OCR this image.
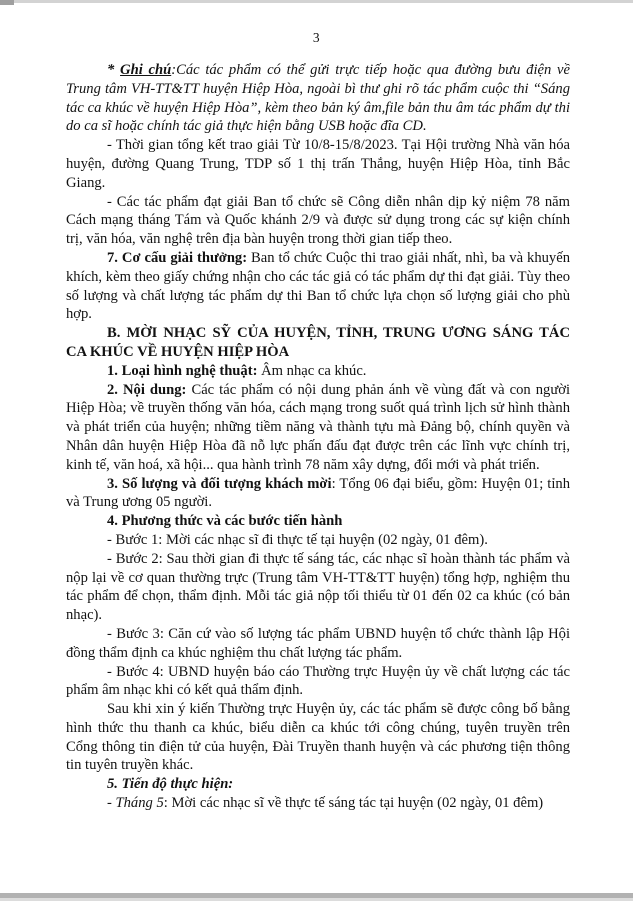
3

* Ghi chú:Các tác phẩm có thể gửi trực tiếp hoặc qua đường bưu điện về Trung tâm VH-TT&TT huyện Hiệp Hòa, ngoài bì thư ghi rõ tác phẩm cuộc thi “Sáng tác ca khúc về huyện Hiệp Hòa”, kèm theo bản ký âm,file bản thu âm tác phẩm dự thi do ca sĩ hoặc chính tác giả thực hiện bằng USB hoặc đĩa CD.

- Thời gian tổng kết trao giải Từ 10/8-15/8/2023. Tại Hội trường Nhà văn hóa huyện, đường Quang Trung, TDP số 1 thị trấn Thắng, huyện Hiệp Hòa, tỉnh Bắc Giang.

- Các tác phẩm đạt giải Ban tổ chức sẽ Công diễn nhân dịp kỷ niệm 78 năm Cách mạng tháng Tám và Quốc khánh 2/9 và được sử dụng trong các sự kiện chính trị, văn hóa, văn nghệ trên địa bàn huyện trong thời gian tiếp theo.

7. Cơ cấu giải thưởng: Ban tổ chức Cuộc thi trao giải nhất, nhì, ba và khuyến khích, kèm theo giấy chứng nhận cho các tác giả có tác phẩm dự thi đạt giải. Tùy theo số lượng và chất lượng tác phẩm dự thi Ban tổ chức lựa chọn số lượng giải cho phù hợp.

B. MỜI NHẠC SỸ CỦA HUYỆN, TỈNH, TRUNG ƯƠNG SÁNG TÁC CA KHÚC VỀ HUYỆN HIỆP HÒA

1. Loại hình nghệ thuật: Âm nhạc ca khúc.

2. Nội dung: Các tác phẩm có nội dung phản ánh về vùng đất và con người Hiệp Hòa; về truyền thống văn hóa, cách mạng trong suốt quá trình lịch sử hình thành và phát triển của huyện; những tiềm năng và thành tựu mà Đảng bộ, chính quyền và Nhân dân huyện Hiệp Hòa đã nỗ lực phấn đấu đạt được trên các lĩnh vực chính trị, kinh tế, văn hoá, xã hội... qua hành trình 78 năm xây dựng, đổi mới và phát triển.

3. Số lượng và đối tượng khách mời: Tổng 06 đại biểu, gồm: Huyện 01; tỉnh và Trung ương 05 người.

4. Phương thức và các bước tiến hành

- Bước 1: Mời các nhạc sĩ đi thực tế tại huyện (02 ngày, 01 đêm).

- Bước 2: Sau thời gian đi thực tế sáng tác, các nhạc sĩ hoàn thành tác phẩm và nộp lại về cơ quan thường trực (Trung tâm VH-TT&TT huyện) tổng hợp, nghiệm thu tác phẩm để chọn, thẩm định. Mỗi tác giả nộp tối thiểu từ 01 đến 02 ca khúc (có bản nhạc).

- Bước 3: Căn cứ vào số lượng tác phẩm UBND huyện tổ chức thành lập Hội đồng thẩm định ca khúc nghiệm thu chất lượng tác phẩm.

- Bước 4: UBND huyện báo cáo Thường trực Huyện ủy về chất lượng các tác phẩm âm nhạc khi có kết quả thẩm định.

Sau khi xin ý kiến Thường trực Huyện ủy, các tác phẩm sẽ được công bố bằng hình thức thu thanh ca khúc, biểu diễn ca khúc tới công chúng, tuyên truyền trên Cổng thông tin điện tử của huyện, Đài Truyền thanh huyện và các phương tiện thông tin tuyên truyền khác.

5. Tiến độ thực hiện:

- Tháng 5: Mời các nhạc sĩ về thực tế sáng tác tại huyện (02 ngày, 01 đêm)
